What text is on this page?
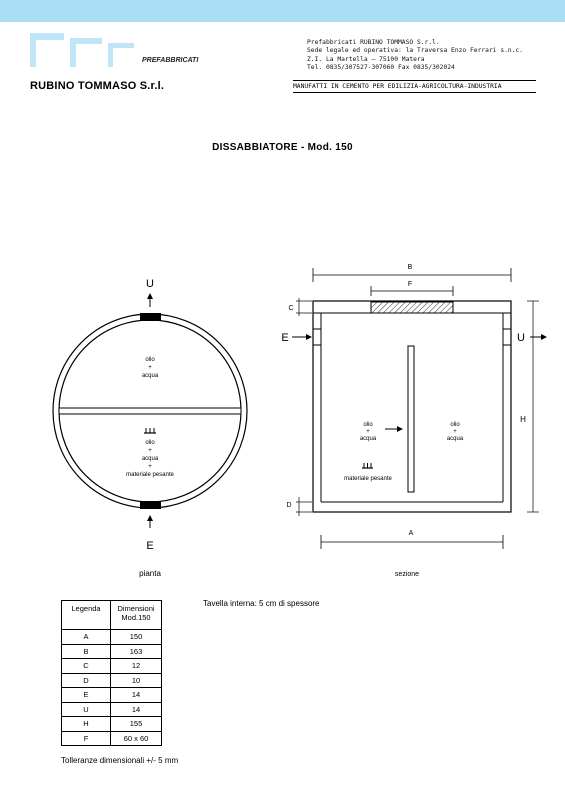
PREFABBRICATI
RUBINO TOMMASO S.r.l.
Prefabbricati RUBINO TOMMASO S.r.l.
Sede legale ed operativa: la Traversa Enzo Ferrari s.n.c.
Z.I. La Martella — 75100 Matera
Tel. 0835/307527-307060 Fax 0835/302024
MANUFATTI IN CEMENTO PER EDILIZIA-AGRICOLTURA-INDUSTRIA
DISSABBIATORE - Mod. 150
U
E
olio
+
acqua
olio
+
acqua
+
materiale pesante
pianta
B
F
C
D
H
A
E	U
olio
+
acqua
olio
+
acqua
materiale pesante
sezione
Tavella interna: 5 cm di spessore
Legenda	Dimensioni
Mod.150

A	150
B	163
C	12
D	10
E	14
U	14
H	155
F	60 x 60
Tolleranze dimensionali +/- 5 mm
